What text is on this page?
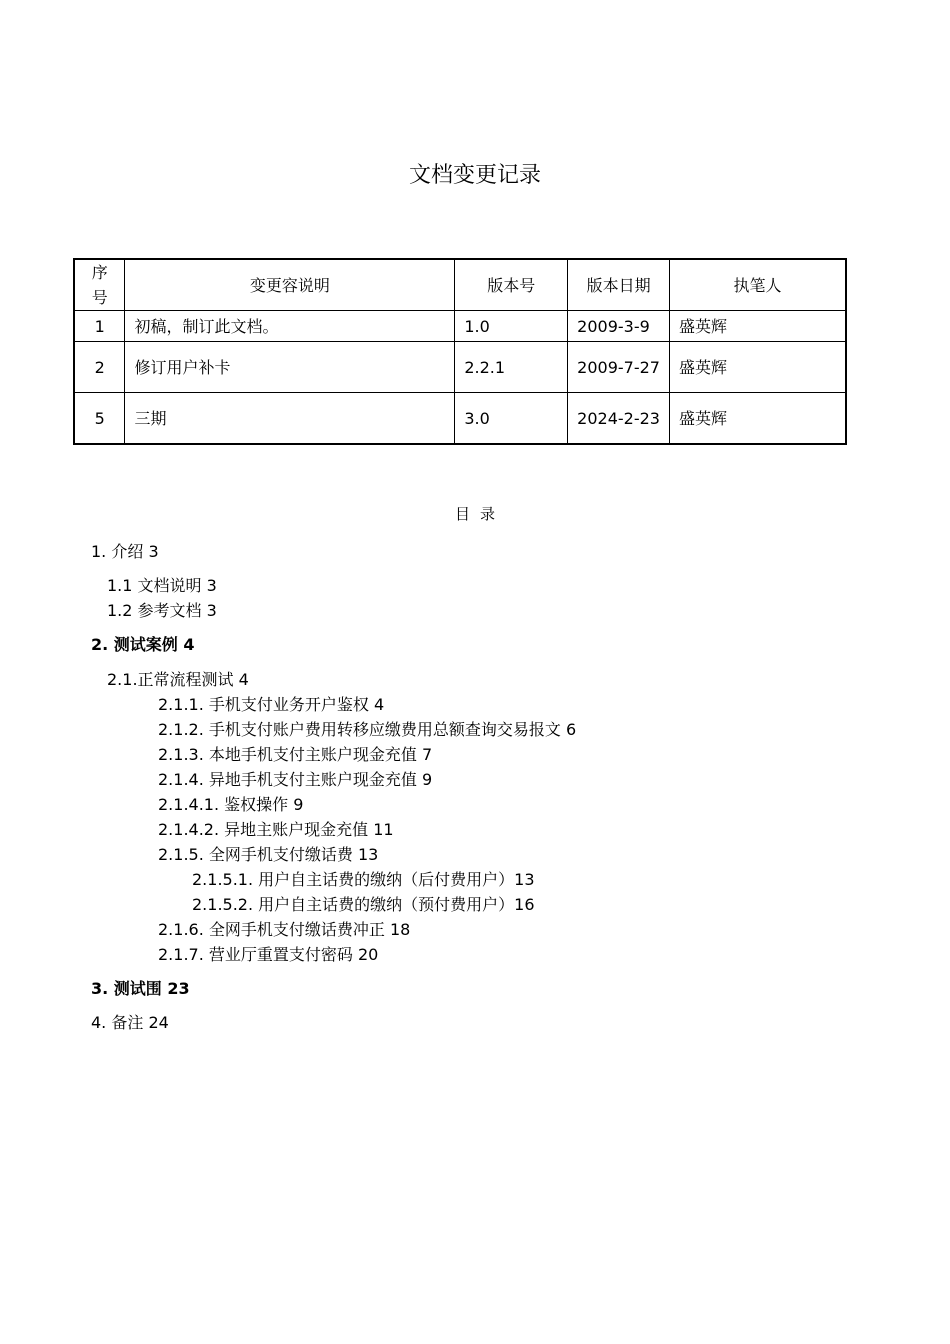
文档变更记录
序号	变更容说明	版本号	版本日期	执笔人
1	初稿，制订此文档。	1.0	2009-3-9	盛英辉
2	修订用户补卡	2.2.1	2009-7-27	盛英辉
5	三期	3.0	2024-2-23	盛英辉
目录
1. 介绍 3
1.1 文档说明 3
1.2 参考文档 3
2. 测试案例 4
2.1.正常流程测试 4
2.1.1. 手机支付业务开户鉴权 4
2.1.2. 手机支付账户费用转移应缴费用总额查询交易报文 6
2.1.3. 本地手机支付主账户现金充值 7
2.1.4. 异地手机支付主账户现金充值 9
2.1.4.1. 鉴权操作 9
2.1.4.2. 异地主账户现金充值 11
2.1.5. 全网手机支付缴话费 13
2.1.5.1. 用户自主话费的缴纳（后付费用户）13
2.1.5.2. 用户自主话费的缴纳（预付费用户）16
2.1.6. 全网手机支付缴话费冲正 18
2.1.7. 营业厅重置支付密码 20
3. 测试围 23
4. 备注 24
